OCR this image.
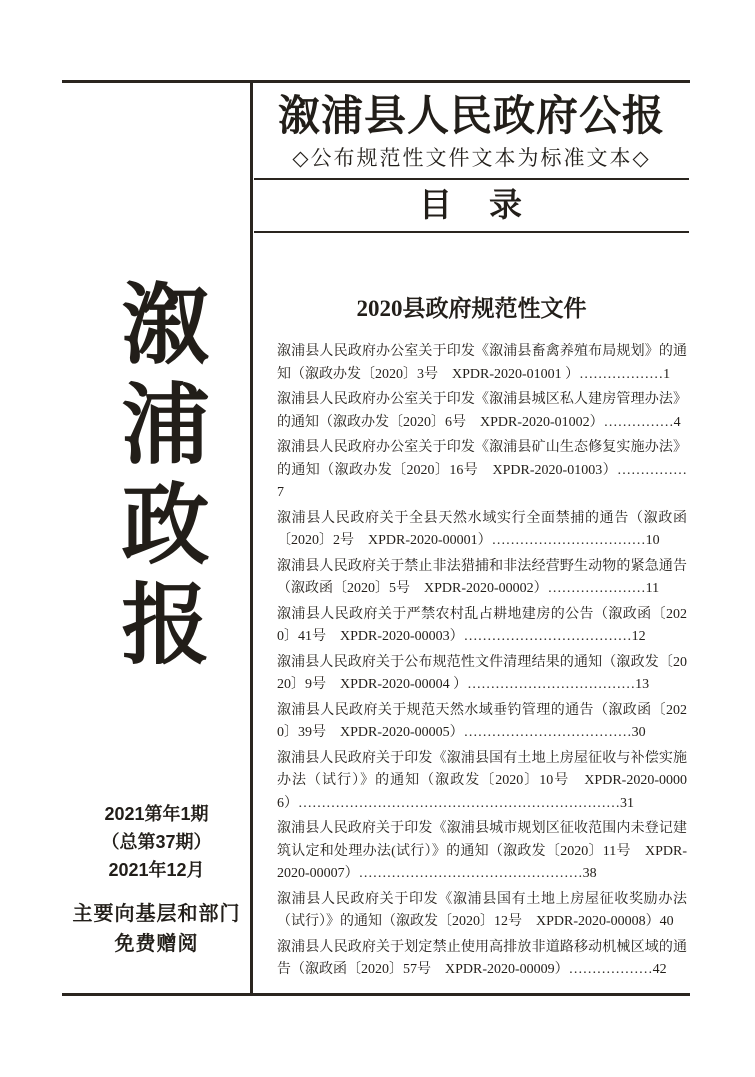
溆浦政报
2021第年1期
（总第37期）
2021年12月
主要向基层和部门
免费赠阅
溆浦县人民政府公报
◇公布规范性文件文本为标准文本◇
目　录
2020县政府规范性文件

溆浦县人民政府办公室关于印发《溆浦县畜禽养殖布局规划》的通知（溆政办发〔2020〕3号　XPDR-2020-01001 ）………………1

溆浦县人民政府办公室关于印发《溆浦县城区私人建房管理办法》的通知（溆政办发〔2020〕6号　XPDR-2020-01002）……………4

溆浦县人民政府办公室关于印发《溆浦县矿山生态修复实施办法》的通知（溆政办发〔2020〕16号　XPDR-2020-01003）……………7

溆浦县人民政府关于全县天然水域实行全面禁捕的通告（溆政函〔2020〕2号　XPDR-2020-00001）……………………………10

溆浦县人民政府关于禁止非法猎捕和非法经营野生动物的紧急通告（溆政函〔2020〕5号　XPDR-2020-00002）…………………11

溆浦县人民政府关于严禁农村乱占耕地建房的公告（溆政函〔2020〕41号　XPDR-2020-00003）………………………………12

溆浦县人民政府关于公布规范性文件清理结果的通知（溆政发〔2020〕9号　XPDR-2020-00004 ）………………………………13

溆浦县人民政府关于规范天然水域垂钓管理的通告（溆政函〔2020〕39号　XPDR-2020-00005）………………………………30

溆浦县人民政府关于印发《溆浦县国有土地上房屋征收与补偿实施办法（试行）》的通知（溆政发〔2020〕10号　XPDR-2020-00006）……………………………………………………………31

溆浦县人民政府关于印发《溆浦县城市规划区征收范围内未登记建筑认定和处理办法(试行）》的通知（溆政发〔2020〕11号　XPDR-2020-00007）…………………………………………38

溆浦县人民政府关于印发《溆浦县国有土地上房屋征收奖励办法（试行）》的通知（溆政发〔2020〕12号　XPDR-2020-00008）40

溆浦县人民政府关于划定禁止使用高排放非道路移动机械区域的通告（溆政函〔2020〕57号　XPDR-2020-00009）………………42
